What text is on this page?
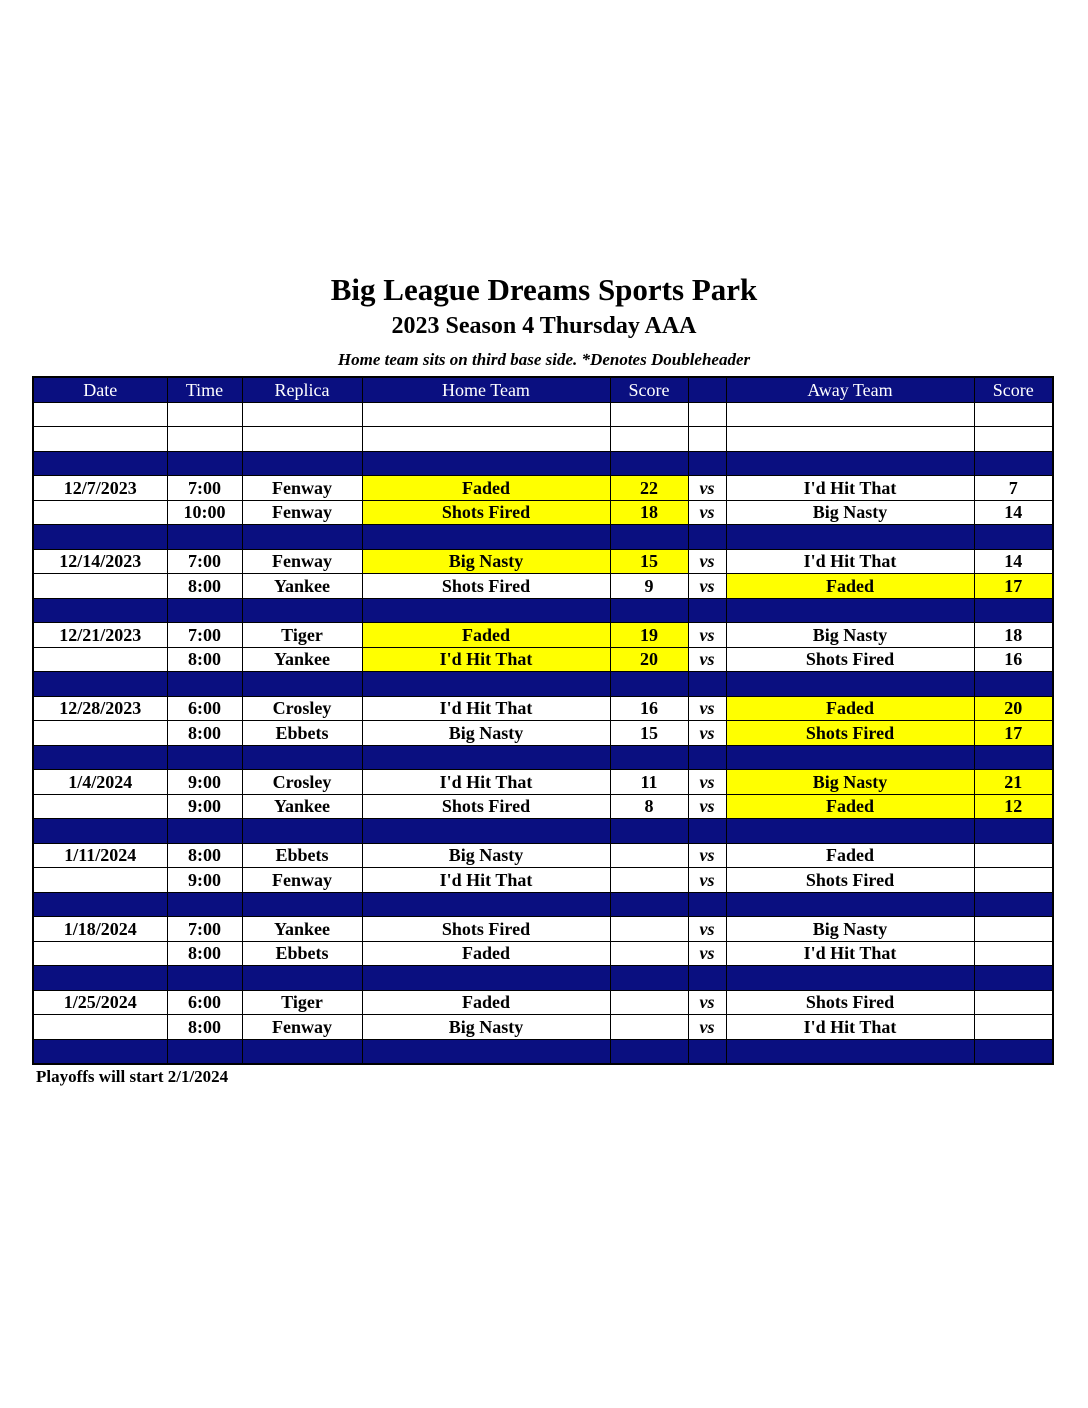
Big League Dreams Sports Park
2023 Season 4 Thursday AAA
Home team sits on third base side. *Denotes Doubleheader
Date	Time	Replica	Home Team	Score		Away Team	Score

12/7/2023	7:00	Fenway	Faded	22	vs	I'd Hit That	7
	10:00	Fenway	Shots Fired	18	vs	Big Nasty	14

12/14/2023	7:00	Fenway	Big Nasty	15	vs	I'd Hit That	14
	8:00	Yankee	Shots Fired	9	vs	Faded	17

12/21/2023	7:00	Tiger	Faded	19	vs	Big Nasty	18
	8:00	Yankee	I'd Hit That	20	vs	Shots Fired	16

12/28/2023	6:00	Crosley	I'd Hit That	16	vs	Faded	20
	8:00	Ebbets	Big Nasty	15	vs	Shots Fired	17

1/4/2024	9:00	Crosley	I'd Hit That	11	vs	Big Nasty	21
	9:00	Yankee	Shots Fired	8	vs	Faded	12

1/11/2024	8:00	Ebbets	Big Nasty		vs	Faded	
	9:00	Fenway	I'd Hit That		vs	Shots Fired	

1/18/2024	7:00	Yankee	Shots Fired		vs	Big Nasty	
	8:00	Ebbets	Faded		vs	I'd Hit That	

1/25/2024	6:00	Tiger	Faded		vs	Shots Fired	
	8:00	Fenway	Big Nasty		vs	I'd Hit That	

Playoffs will start 2/1/2024
